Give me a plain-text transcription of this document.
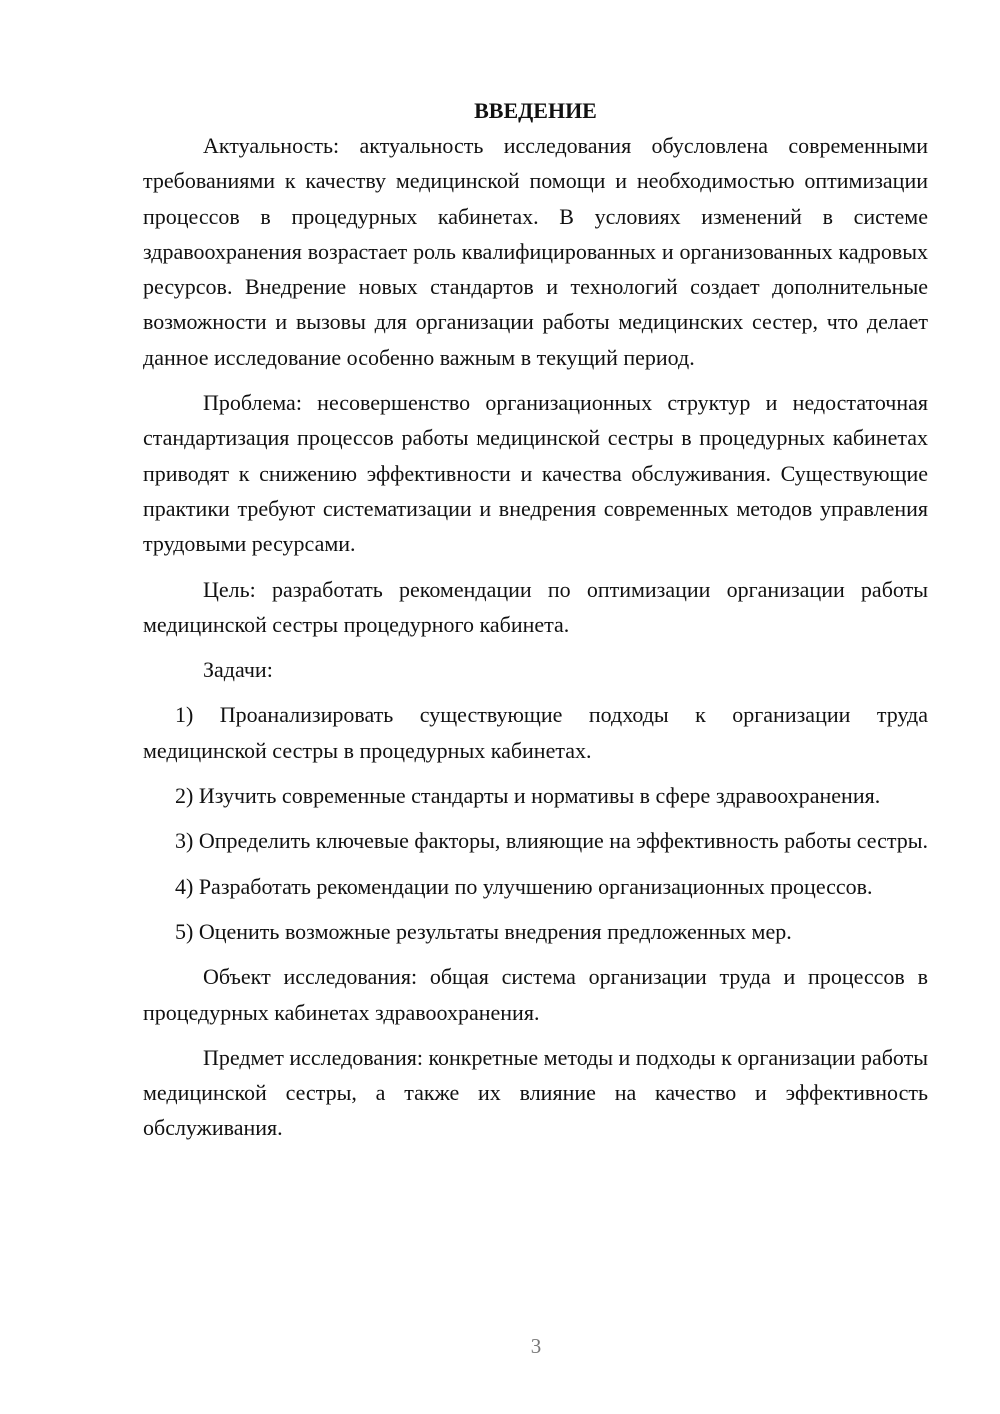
ВВЕДЕНИЕ

Актуальность: актуальность исследования обусловлена современными требованиями к качеству медицинской помощи и необходимостью оптимизации процессов в процедурных кабинетах. В условиях изменений в системе здравоохранения возрастает роль квалифицированных и организованных кадровых ресурсов. Внедрение новых стандартов и технологий создает дополнительные возможности и вызовы для организации работы медицинских сестер, что делает данное исследование особенно важным в текущий период.

Проблема: несовершенство организационных структур и недостаточная стандартизация процессов работы медицинской сестры в процедурных кабинетах приводят к снижению эффективности и качества обслуживания. Существующие практики требуют систематизации и внедрения современных методов управления трудовыми ресурсами.

Цель: разработать рекомендации по оптимизации организации работы медицинской сестры процедурного кабинета.

Задачи:

1) Проанализировать существующие подходы к организации труда медицинской сестры в процедурных кабинетах.

2) Изучить современные стандарты и нормативы в сфере здравоохранения.

3) Определить ключевые факторы, влияющие на эффективность работы сестры.

4) Разработать рекомендации по улучшению организационных процессов.

5) Оценить возможные результаты внедрения предложенных мер.

Объект исследования: общая система организации труда и процессов в процедурных кабинетах здравоохранения.

Предмет исследования: конкретные методы и подходы к организации работы медицинской сестры, а также их влияние на качество и эффективность обслуживания.

3
